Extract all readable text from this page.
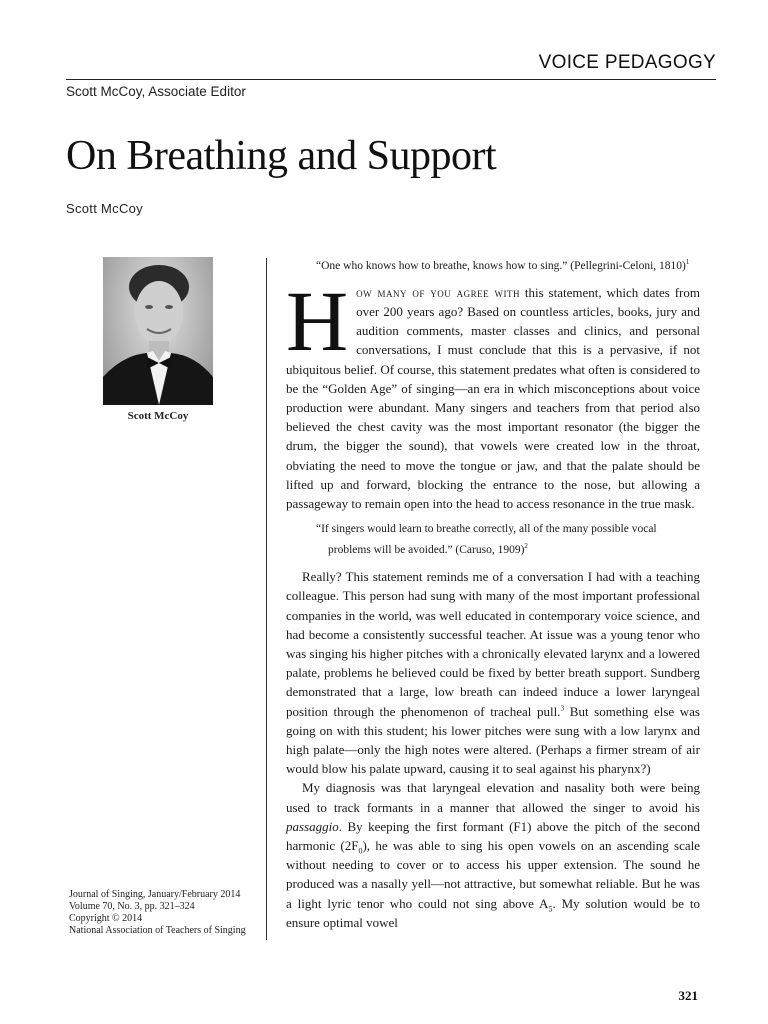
VOICE PEDAGOGY
Scott McCoy, Associate Editor
On Breathing and Support
Scott McCoy
Scott McCoy
Journal of Singing, January/February 2014
Volume 70, No. 3, pp. 321–324
Copyright © 2014
National Association of Teachers of Singing

“One who knows how to breathe, knows how to sing.” (Pellegrini-Celoni, 1810)$^1$

How many of you agree with this statement, which dates from over 200 years ago? Based on countless articles, books, jury and audition comments, master classes and clinics, and personal conversations, I must conclude that this is a pervasive, if not ubiquitous belief. Of course, this statement predates what often is considered to be the “Golden Age” of singing—an era in which misconceptions about voice production were abundant. Many singers and teachers from that period also believed the chest cavity was the most important resonator (the bigger the drum, the bigger the sound), that vowels were created low in the throat, obviating the need to move the tongue or jaw, and that the palate should be lifted up and forward, blocking the entrance to the nose, but allowing a passageway to remain open into the head to access resonance in the true mask.

“If singers would learn to breathe correctly, all of the many possible vocal problems will be avoided.” (Caruso, 1909)$^2$

Really? This statement reminds me of a conversation I had with a teaching colleague. This person had sung with many of the most important professional companies in the world, was well educated in contemporary voice science, and had become a consistently successful teacher. At issue was a young tenor who was singing his higher pitches with a chronically elevated larynx and a lowered palate, problems he believed could be fixed by better breath support. Sundberg demonstrated that a large, low breath can indeed induce a lower laryngeal position through the phenomenon of tracheal pull.$^3$ But something else was going on with this student; his lower pitches were sung with a low larynx and high palate—only the high notes were altered. (Perhaps a firmer stream of air would blow his palate upward, causing it to seal against his pharynx?)

My diagnosis was that laryngeal elevation and nasality both were being used to track formants in a manner that allowed the singer to avoid his passaggio. By keeping the first formant (F1) above the pitch of the second harmonic $(2F_0)$, he was able to sing his open vowels on an ascending scale without needing to cover or to access his upper extension. The sound he produced was a nasally yell—not attractive, but somewhat reliable. But he was a light lyric tenor who could not sing above $A_5$. My solution would be to ensure optimal vowel

321
